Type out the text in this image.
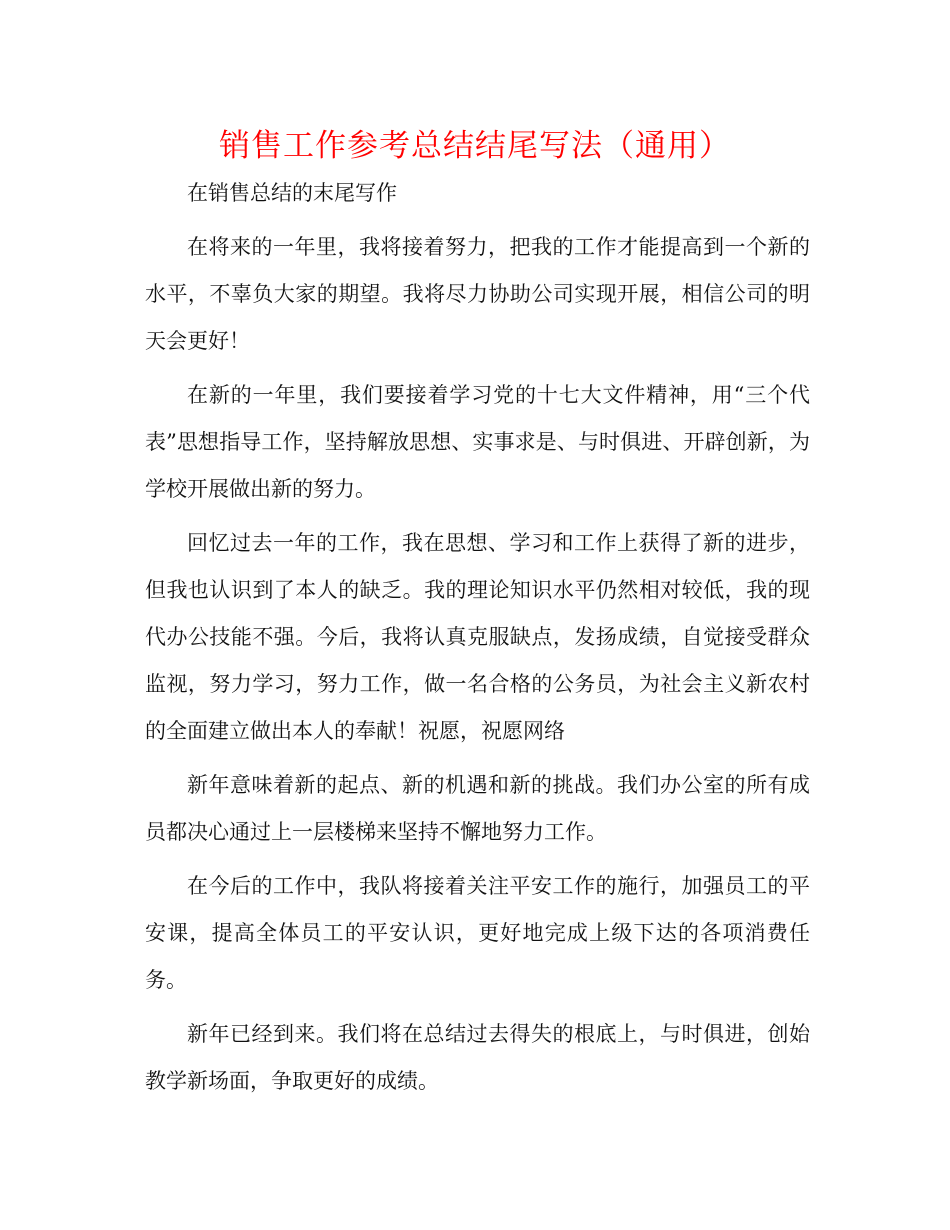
销售工作参考总结结尾写法（通用）

在销售总结的末尾写作

在将来的一年里，我将接着努力，把我的工作才能提高到一个新的水平，不辜负大家的期望。我将尽力协助公司实现开展，相信公司的明天会更好！

在新的一年里，我们要接着学习党的十七大文件精神，用“三个代表”思想指导工作，坚持解放思想、实事求是、与时俱进、开辟创新，为学校开展做出新的努力。

回忆过去一年的工作，我在思想、学习和工作上获得了新的进步，但我也认识到了本人的缺乏。我的理论知识水平仍然相对较低，我的现代办公技能不强。今后，我将认真克服缺点，发扬成绩，自觉接受群众监视，努力学习，努力工作，做一名合格的公务员，为社会主义新农村的全面建立做出本人的奉献！祝愿，祝愿网络

新年意味着新的起点、新的机遇和新的挑战。我们办公室的所有成员都决心通过上一层楼梯来坚持不懈地努力工作。

在今后的工作中，我队将接着关注平安工作的施行，加强员工的平安课，提高全体员工的平安认识，更好地完成上级下达的各项消费任务。

新年已经到来。我们将在总结过去得失的根底上，与时俱进，创始教学新场面，争取更好的成绩。
